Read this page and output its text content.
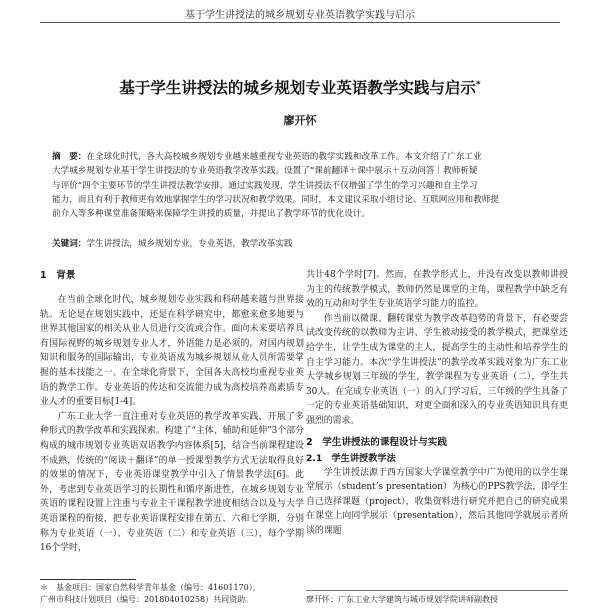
基于学生讲授法的城乡规划专业英语教学实践与启示
基于学生讲授法的城乡规划专业英语教学实践与启示*
廖开怀
摘　要：在全球化时代，各大高校城乡规划专业越来越重视专业英语的教学实践和改革工作。本文介绍了广东工业
大学城乡规划专业基于学生讲授法的专业英语教学改革实践。设置了“课前翻译＋课中展示＋互动问答｜教师析疑
与评价”四个主要环节的学生讲授法教学安排，通过实践发现，学生讲授法不仅增强了学生的学习兴趣和自主学习
能力，而且有利于教师更有效地掌握学生的学习状况和教学效果。同时，本文建议采取小组讨论、互联网应用和教师提
前介入等多种课堂准备策略来保障学生讲授的质量，并提出了教学环节的优化设计。
关键词：学生讲授法，城乡规划专业，专业英语，教学改革实践
1　背景

在当前全球化时代，城乡规划专业实践和科研越来越与世界接轨。无论是在规划实践中，还是在科学研究中，都愈来愈多地要与世界其他国家的相关从业人员进行交流或合作。面向未来要培养具有国际视野的城乡规划专业人才，外语能力是必须的。对国内规划知识和服务的国际输出，专业英语成为城乡规划从业人员所需要掌握的基本技能之一。在全球化背景下，全国各大高校均重视专业英语的教学工作。专业英语的传达和交流能力成为高校培养高素质专业人才的重要目标[1-4]。

广东工业大学一直注重对专业英语的教学改革实践，开展了多种形式的教学改革和实践探索。构建了“主体、辅助和延伸”3个部分构成的城市规划专业英语双语教学内容体系[5]，结合当前课程建设不成熟，传统的“阅读＋翻译”的单一授课型教学方式无法取得良好的效果的情况下，专业英语课堂教学中引入了情景教学法[6]。此外，考虑到专业英语学习的长期性和循序渐进性，在城乡规划专业英语的课程设置上注重与专业主干课程教学进度相结合以及与大学英语课程的衔接，把专业英语课程安排在第五、六和七学期，分别称为专业英语（一）、专业英语（二）和专业英语（三），每个学期16个学时，

共计48个学时[7]。然而，在教学形式上，并没有改变以教师讲授为主的传统教学模式，教师仍然是课堂的主角，课程教学中缺乏有效的互动和对学生专业英语学习能力的监控。

作当前以微课、翻转课堂为教学改革趋势的背景下，有必要尝试改变传统的以教师为主讲、学生被动接受的教学模式，把课堂还给学生，让学生成为课堂的主人，提高学生的主动性和培养学生的自主学习能力。本次“学生讲授法”的教学改革实践对象为广东工业大学城乡规划三年级的学生，教学课程为专业英语（二），学生共30人。在完成专业英语（一）的入门学习后，三年级的学生具备了一定的专业英语基础知识，对更全面和深入的专业英语知识具有更强烈的需求。

2　学生讲授法的课程设计与实践
2.1　学生讲授教学法

学生讲授法源于西方国家大学课堂教学中广为使用的以学生课堂展示（student’s presentation）为核心的PPS教学法，即学生自己选择课题（project），收集资料进行研究并把自己的研究成果在课堂上向同学展示（presentation），然后其他同学就展示者所谈的课题

＊　基金项目：国家自然科学青年基金（编号：41601170），
广州市科技计划项目（编号：201804010258）共同资助。	廖开怀：广东工业大学建筑与城市规划学院讲师副教授
